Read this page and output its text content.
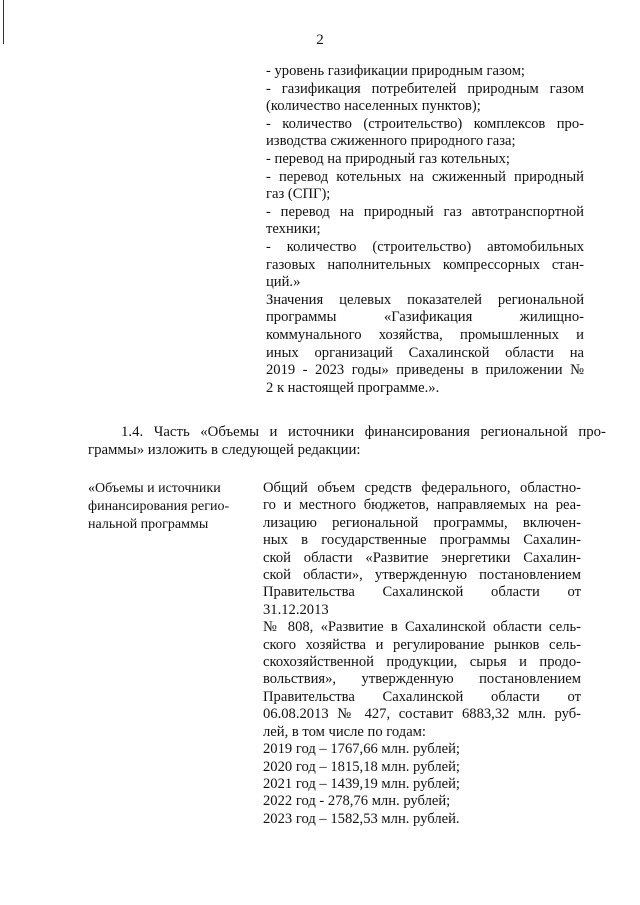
2
- уровень газификации природным газом;
- газификация потребителей природным газом
(количество населенных пунктов);
- количество (строительство) комплексов про-
изводства сжиженного природного газа;
- перевод на природный газ котельных;
- перевод котельных на сжиженный природный
газ (СПГ);
- перевод на природный газ автотранспортной
техники;
- количество (строительство) автомобильных
газовых наполнительных компрессорных стан-
ций.»
Значения целевых показателей региональной
программы «Газификация жилищно-
коммунального хозяйства, промышленных и
иных организаций Сахалинской области на
2019 - 2023 годы» приведены в приложении №
2 к настоящей программе.».
1.4. Часть «Объемы и источники финансирования региональной про-
граммы» изложить в следующей редакции:
«Объемы и источники
финансирования регио-
нальной программы
Общий объем средств федерального, областно-
го и местного бюджетов, направляемых на реа-
лизацию региональной программы, включен-
ных в государственные программы Сахалин-
ской области «Развитие энергетики Сахалин-
ской области», утвержденную постановлением
Правительства Сахалинской области от
31.12.2013
№ 808, «Развитие в Сахалинской области сель-
ского хозяйства и регулирование рынков сель-
скохозяйственной продукции, сырья и продо-
вольствия», утвержденную постановлением
Правительства Сахалинской области от
06.08.2013 № 427, составит 6883,32 млн. руб-
лей, в том числе по годам:
2019 год – 1767,66 млн. рублей;
2020 год – 1815,18 млн. рублей;
2021 год – 1439,19 млн. рублей;
2022 год - 278,76 млн. рублей;
2023 год – 1582,53 млн. рублей.
